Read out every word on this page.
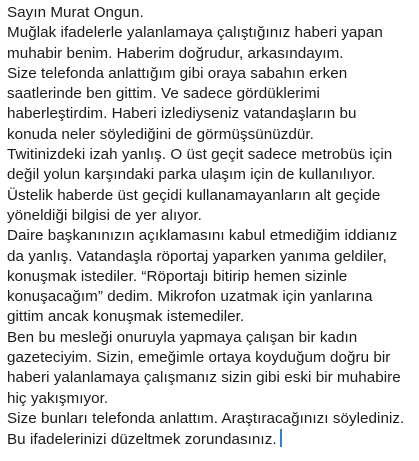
Sayın Murat Ongun.
Muğlak ifadelerle yalanlamaya çalıştığınız haberi yapan
muhabir benim. Haberim doğrudur, arkasındayım.
Size telefonda anlattığım gibi oraya sabahın erken
saatlerinde ben gittim. Ve sadece gördüklerimi
haberleştirdim. Haberi izlediyseniz vatandaşların bu
konuda neler söylediğini de görmüşsünüzdür.
Twitinizdeki izah yanlış. O üst geçit sadece metrobüs için
değil yolun karşındaki parka ulaşım için de kullanılıyor.
Üstelik haberde üst geçidi kullanamayanların alt geçide
yöneldiği bilgisi de yer alıyor.
Daire başkanınızın açıklamasını kabul etmediğim iddianız
da yanlış. Vatandaşla röportaj yaparken yanıma geldiler,
konuşmak istediler. “Röportajı bitirip hemen sizinle
konuşacağım” dedim. Mikrofon uzatmak için yanlarına
gittim ancak konuşmak istemediler.
Ben bu mesleği onuruyla yapmaya çalışan bir kadın
gazeteciyim. Sizin, emeğimle ortaya koyduğum doğru bir
haberi yalanlamaya çalışmanız sizin gibi eski bir muhabire
hiç yakışmıyor.
Size bunları telefonda anlattım. Araştıracağınızı söylediniz.
Bu ifadelerinizi düzeltmek zorundasınız.
